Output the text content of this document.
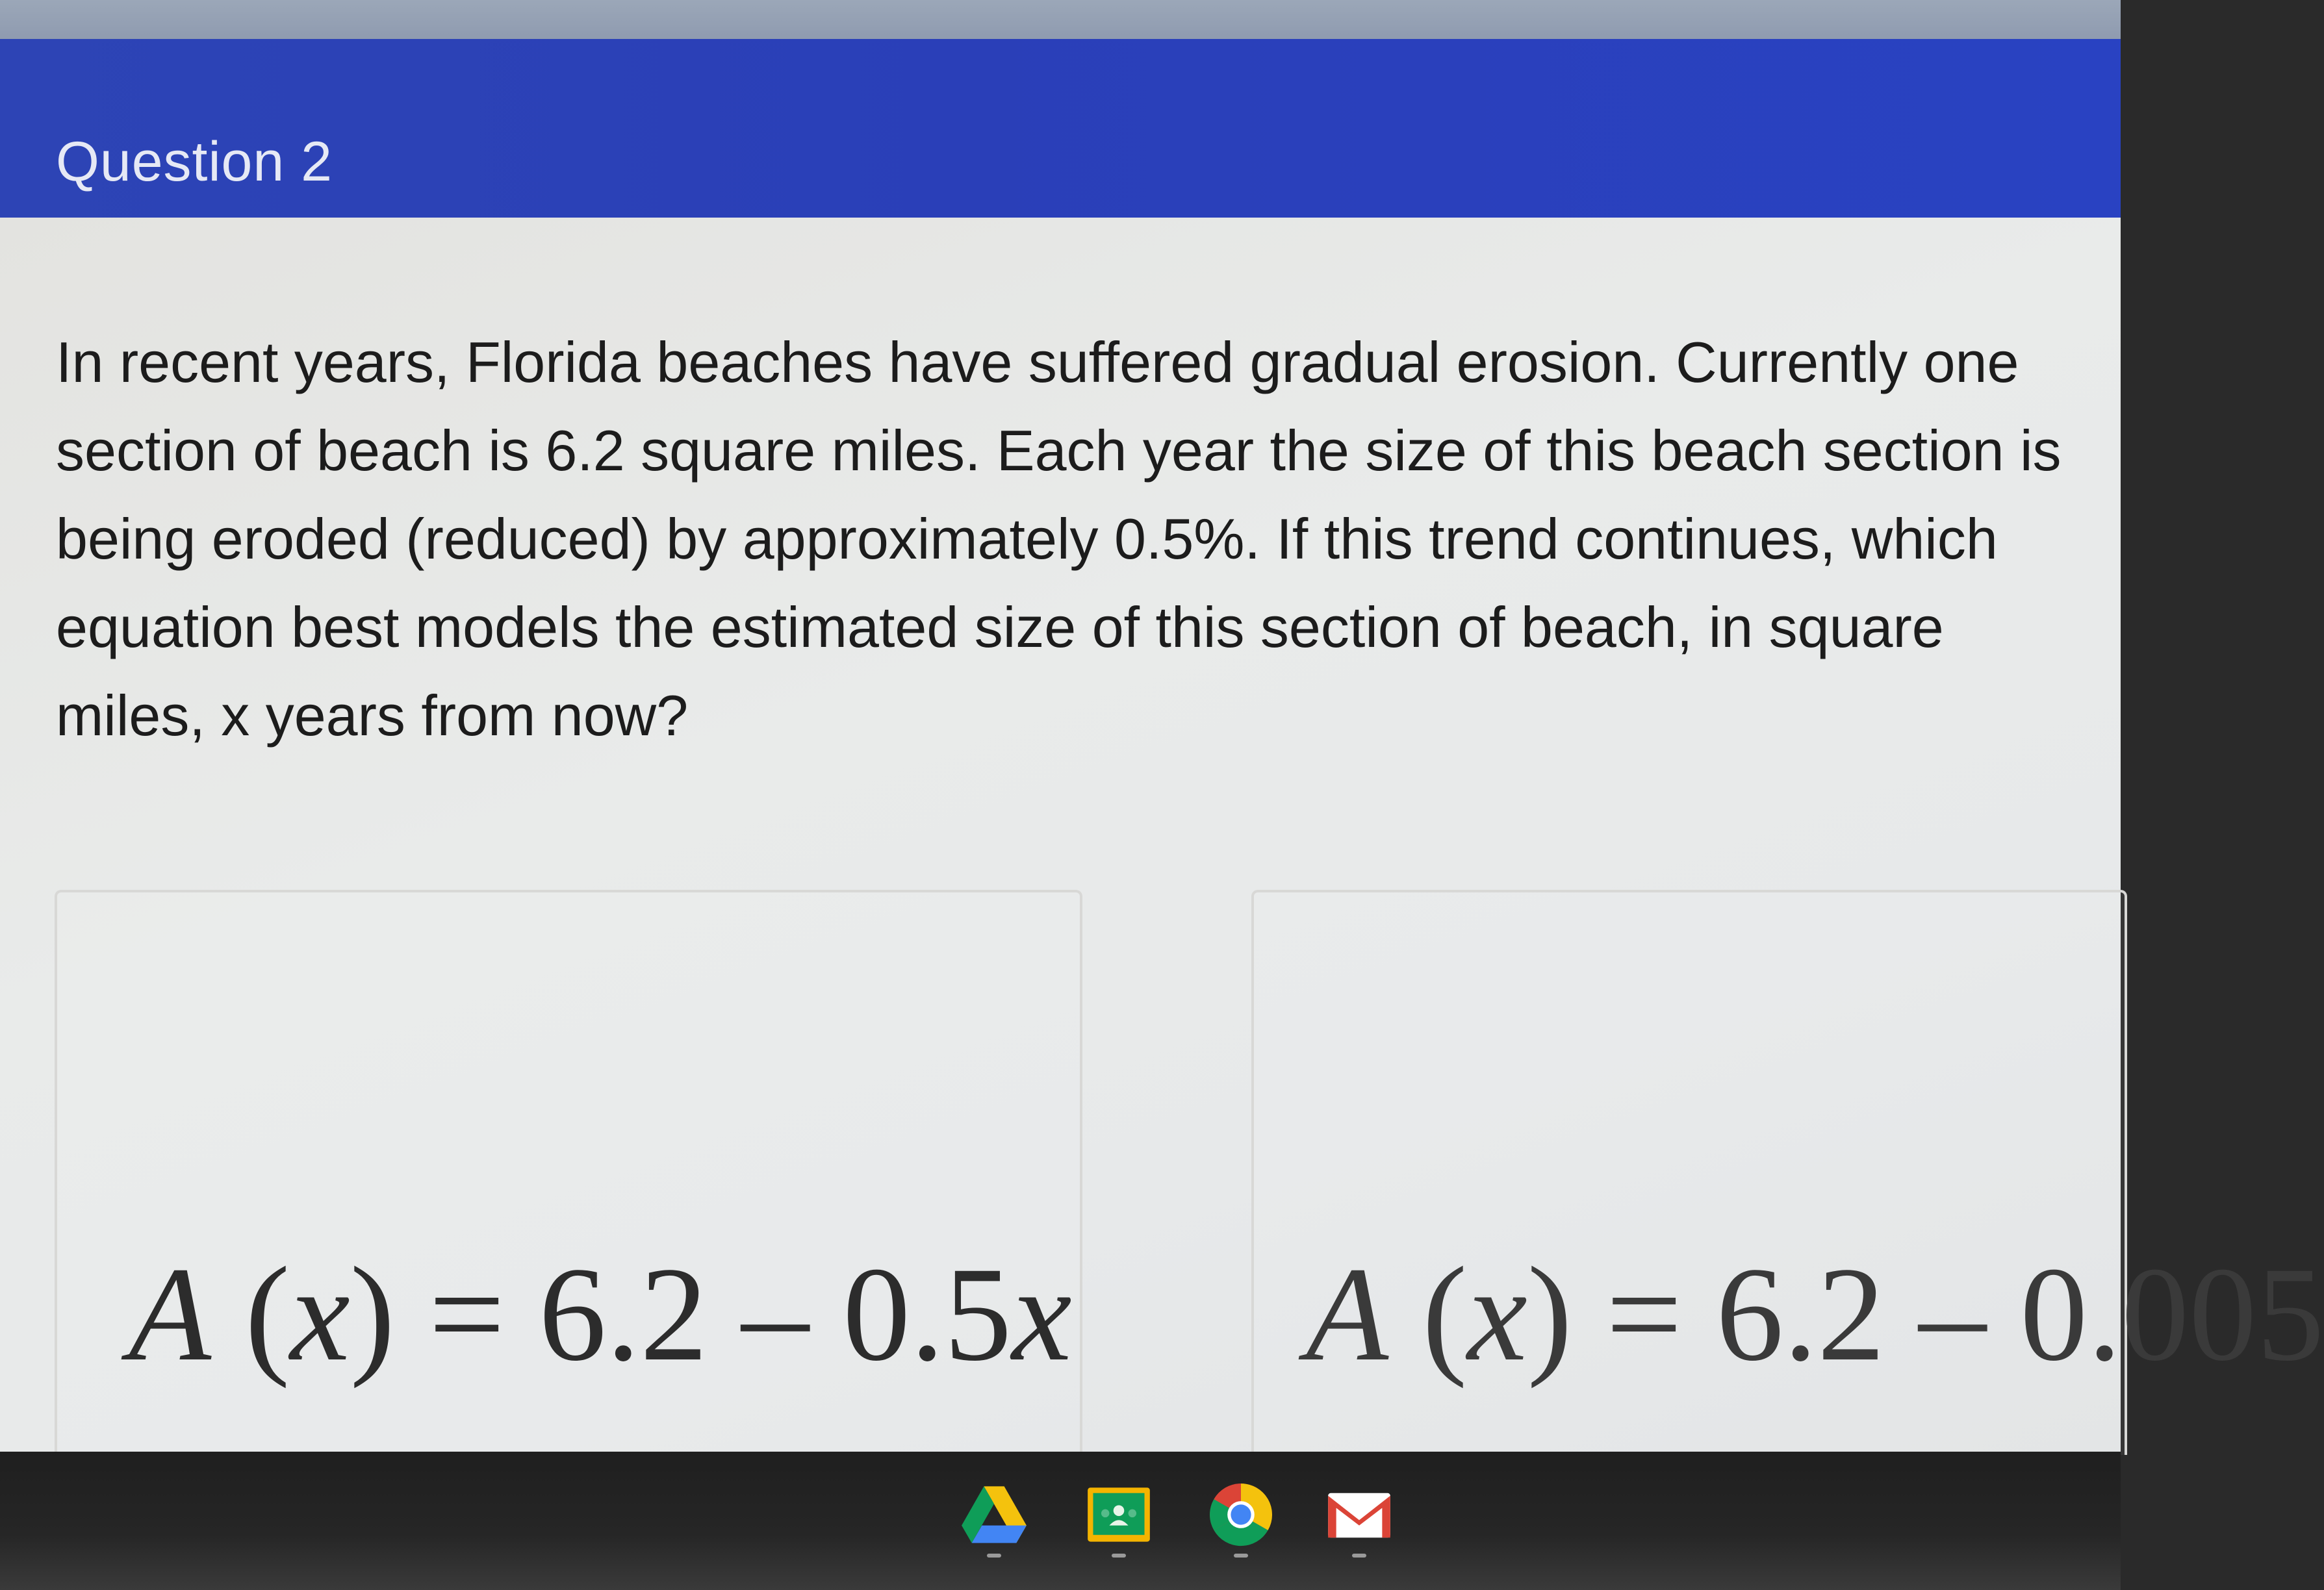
Question 2
In recent years, Florida beaches have suffered gradual erosion. Currently one section of beach is 6.2 square miles. Each year the size of this beach section is being eroded (reduced) by approximately 0.5%. If this trend continues, which equation best models the estimated size of this section of beach, in square miles, x years from now?
A (x) = 6.2 – 0.5x A (x) = 6.2 – 0.005
